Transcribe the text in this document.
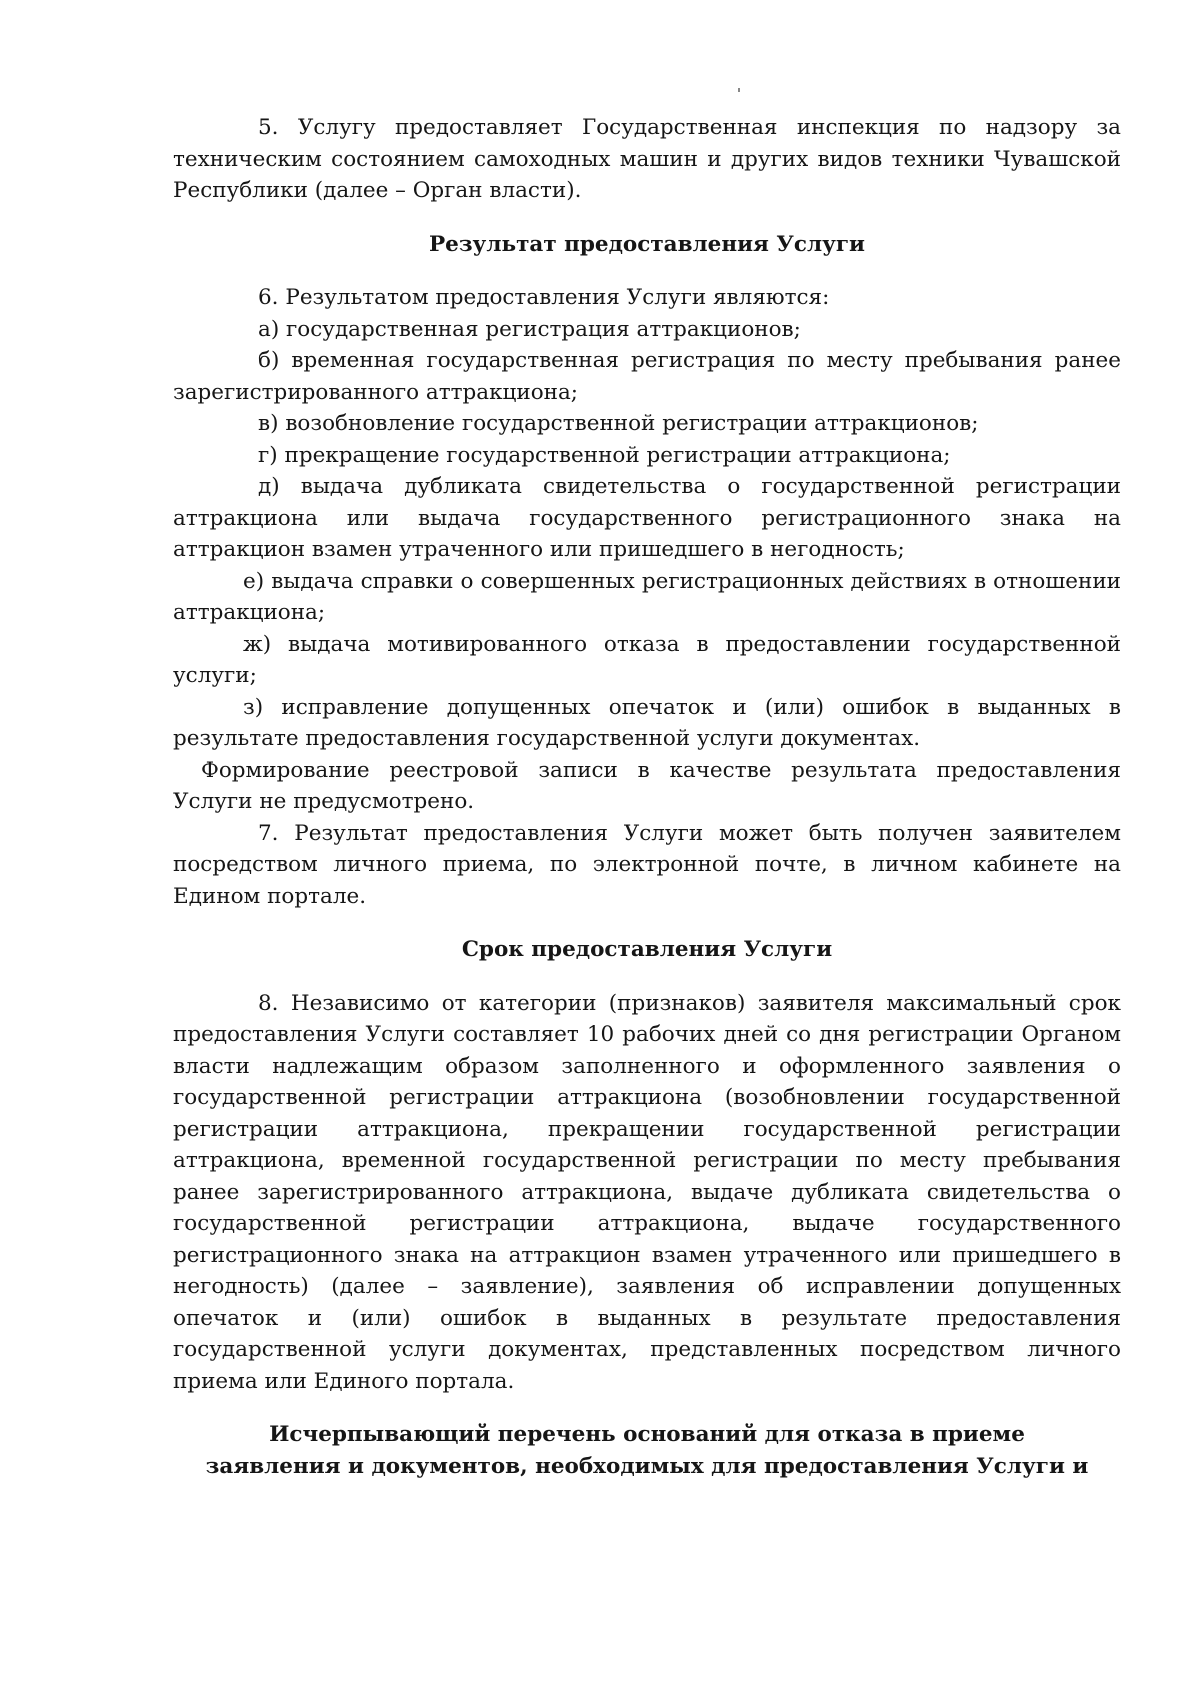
5. Услугу предоставляет Государственная инспекция по надзору за техническим состоянием самоходных машин и других видов техники Чувашской Республики (далее – Орган власти).

Результат предоставления Услуги

6. Результатом предоставления Услуги являются:

а) государственная регистрация аттракционов;

б) временная государственная регистрация по месту пребывания ранее зарегистрированного аттракциона;

в) возобновление государственной регистрации аттракционов;

г) прекращение государственной регистрации аттракциона;

д) выдача дубликата свидетельства о государственной регистрации аттракциона или выдача государственного регистрационного знака на аттракцион взамен утраченного или пришедшего в негодность;

е) выдача справки о совершенных регистрационных действиях в отношении аттракциона;

ж) выдача мотивированного отказа в предоставлении государственной услуги;

з) исправление допущенных опечаток и (или) ошибок в выданных в результате предоставления государственной услуги документах.

Формирование реестровой записи в качестве результата предоставления Услуги не предусмотрено.

7. Результат предоставления Услуги может быть получен заявителем посредством личного приема, по электронной почте, в личном кабинете на Едином портале.

Срок предоставления Услуги

8. Независимо от категории (признаков) заявителя максимальный срок предоставления Услуги составляет 10 рабочих дней со дня регистрации Органом власти надлежащим образом заполненного и оформленного заявления о государственной регистрации аттракциона (возобновлении государственной регистрации аттракциона, прекращении государственной регистрации аттракциона, временной государственной регистрации по месту пребывания ранее зарегистрированного аттракциона, выдаче дубликата свидетельства о государственной регистрации аттракциона, выдаче государственного регистрационного знака на аттракцион взамен утраченного или пришедшего в негодность) (далее – заявление), заявления об исправлении допущенных опечаток и (или) ошибок в выданных в результате предоставления государственной услуги документах, представленных посредством личного приема или Единого портала.

Исчерпывающий перечень оснований для отказа в приеме
заявления и документов, необходимых для предоставления Услуги и
